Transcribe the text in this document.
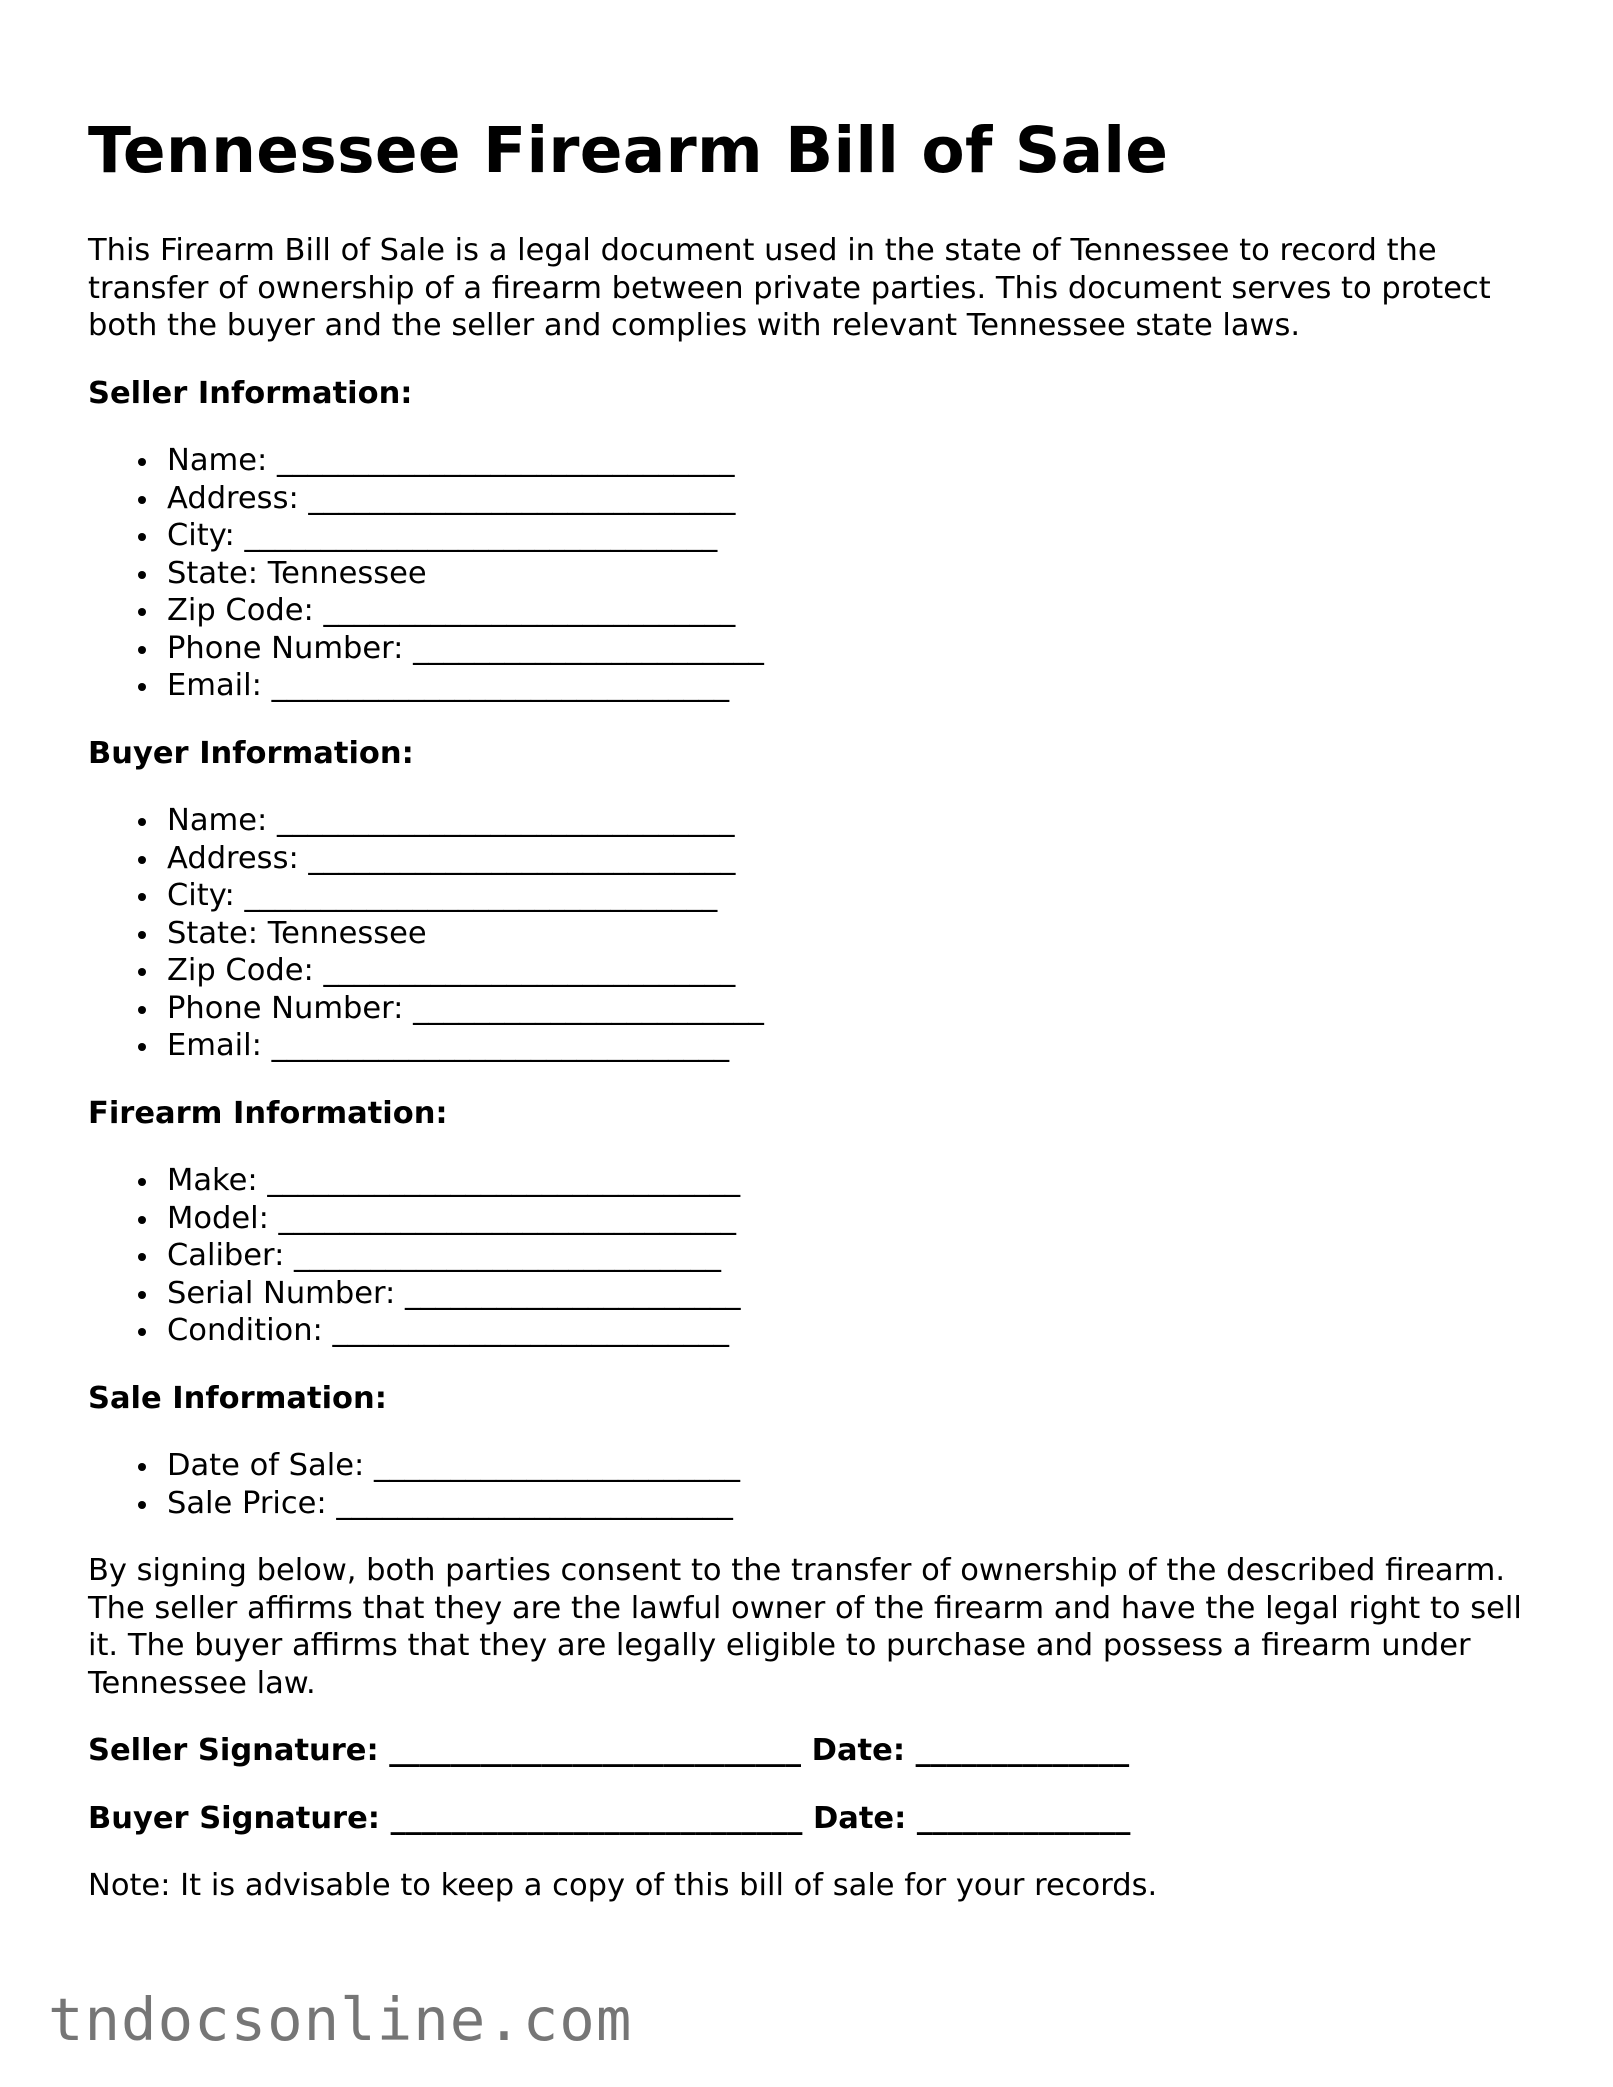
Tennessee Firearm Bill of Sale

This Firearm Bill of Sale is a legal document used in the state of Tennessee to record the transfer of ownership of a firearm between private parties. This document serves to protect both the buyer and the seller and complies with relevant Tennessee state laws.

Seller Information:
Name: ______________________________
Address: ____________________________
City: _______________________________
State: Tennessee
Zip Code: ___________________________
Phone Number: _______________________
Email: ______________________________
Buyer Information:
Name: ______________________________
Address: ____________________________
City: _______________________________
State: Tennessee
Zip Code: ___________________________
Phone Number: _______________________
Email: ______________________________
Firearm Information:
Make: _______________________________
Model: ______________________________
Caliber: ____________________________
Serial Number: ______________________
Condition: __________________________
Sale Information:
Date of Sale: ________________________
Sale Price: __________________________

By signing below, both parties consent to the transfer of ownership of the described firearm. The seller affirms that they are the lawful owner of the firearm and have the legal right to sell it. The buyer affirms that they are legally eligible to purchase and possess a firearm under Tennessee law.

Seller Signature: ___________________________ Date: ______________
Buyer Signature: ___________________________ Date: ______________

Note: It is advisable to keep a copy of this bill of sale for your records.

tndocsonline.com
